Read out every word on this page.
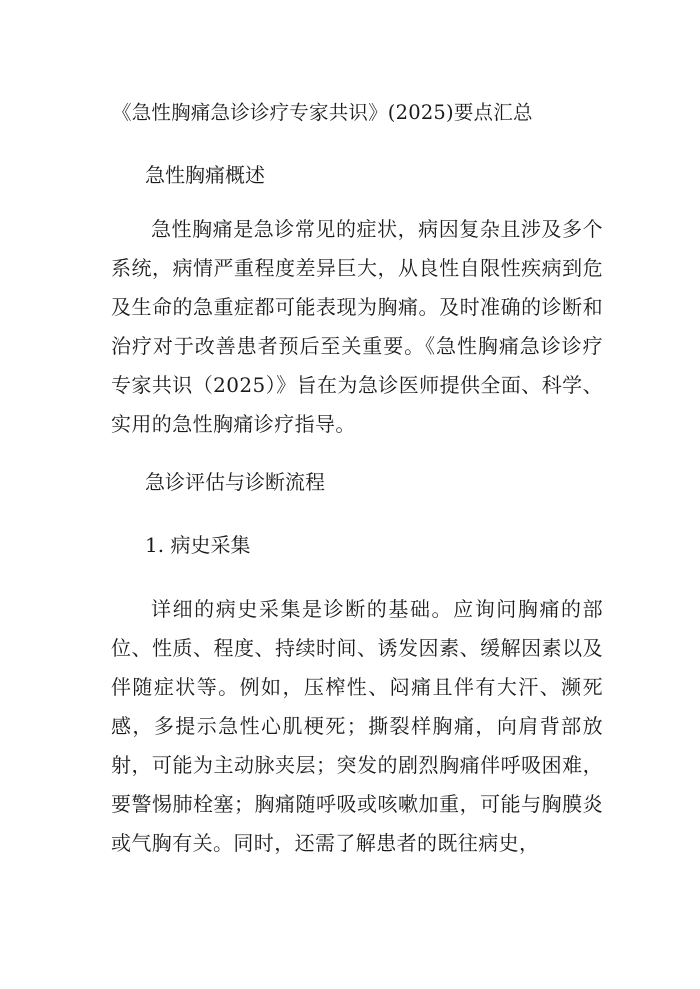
《急性胸痛急诊诊疗专家共识》(2025)要点汇总
急性胸痛概述

急性胸痛是急诊常见的症状，病因复杂且涉及多个系统，病情严重程度差异巨大，从良性自限性疾病到危及生命的急重症都可能表现为胸痛。及时准确的诊断和治疗对于改善患者预后至关重要。《急性胸痛急诊诊疗专家共识（2025）》旨在为急诊医师提供全面、科学、实用的急性胸痛诊疗指导。

急诊评估与诊断流程
1. 病史采集

详细的病史采集是诊断的基础。应询问胸痛的部位、性质、程度、持续时间、诱发因素、缓解因素以及伴随症状等。例如，压榨性、闷痛且伴有大汗、濒死感，多提示急性心肌梗死；撕裂样胸痛，向肩背部放射，可能为主动脉夹层；突发的剧烈胸痛伴呼吸困难，要警惕肺栓塞；胸痛随呼吸或咳嗽加重，可能与胸膜炎或气胸有关。同时，还需了解患者的既往病史，
